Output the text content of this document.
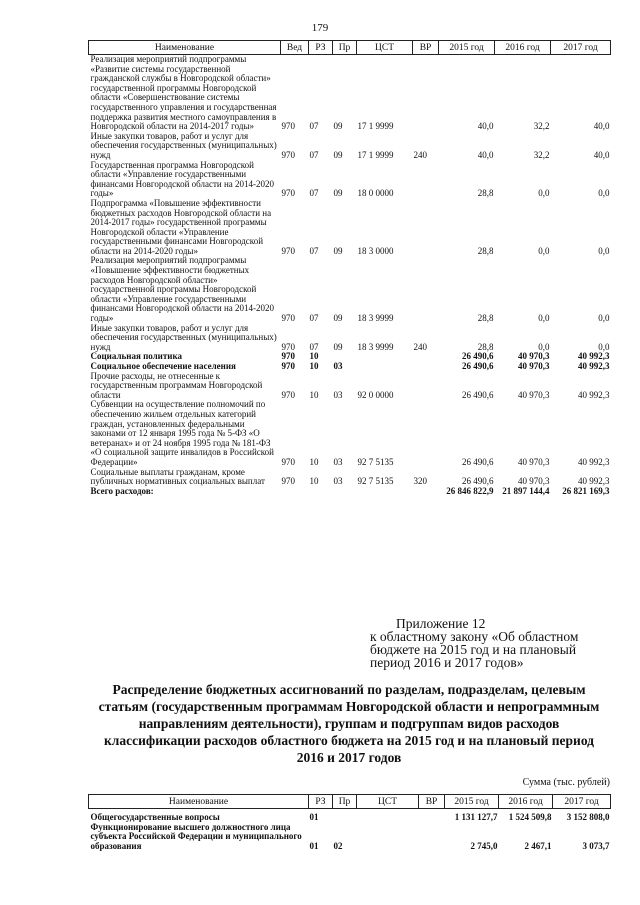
179
Наименование	Вед	РЗ	Пр	ЦСТ	ВР	2015 год	2016 год	2017 год
Реализация мероприятий подпрограммы «Развитие системы государственной гражданской службы в Новгородской области» государственной программы Новгородской области «Совершенствование системы государственного управления и государственная поддержка развития местного самоуправления в Новгородской области на 2014-2017 годы»	970	07	09	17 1 9999		40,0	32,2	40,0
Иные закупки товаров, работ и услуг для обеспечения государственных (муниципальных) нужд	970	07	09	17 1 9999	240	40,0	32,2	40,0
Государственная программа Новгородской области «Управление государственными финансами Новгородской области на 2014-2020 годы»	970	07	09	18 0 0000		28,8	0,0	0,0
Подпрограмма «Повышение эффективности бюджетных расходов Новгородской области на 2014-2017 годы» государственной программы Новгородской области «Управление государственными финансами Новгородской области на 2014-2020 годы»	970	07	09	18 3 0000		28,8	0,0	0,0
Реализация мероприятий подпрограммы «Повышение эффективности бюджетных расходов Новгородской области» государственной программы Новгородской области «Управление государственными финансами Новгородской области на 2014-2020 годы»	970	07	09	18 3 9999		28,8	0,0	0,0
Иные закупки товаров, работ и услуг для обеспечения государственных (муниципальных) нужд	970	07	09	18 3 9999	240	28,8	0,0	0,0
Социальная политика	970	10				26 490,6	40 970,3	40 992,3
Социальное обеспечение населения	970	10	03			26 490,6	40 970,3	40 992,3
Прочие расходы, не отнесенные к государственным программам Новгородской области	970	10	03	92 0 0000		26 490,6	40 970,3	40 992,3
Субвенции на осуществление полномочий по обеспечению жильем отдельных категорий граждан, установленных федеральными законами от 12 января 1995 года № 5-ФЗ «О ветеранах» и от 24 ноября 1995 года № 181-ФЗ «О социальной защите инвалидов в Российской Федерации»	970	10	03	92 7 5135		26 490,6	40 970,3	40 992,3
Социальные выплаты гражданам, кроме публичных нормативных социальных выплат	970	10	03	92 7 5135	320	26 490,6	40 970,3	40 992,3
Всего расходов:						26 846 822,9	21 897 144,4	26 821 169,3
Приложение 12
к областному закону «Об областном
бюджете на 2015 год и на плановый
период 2016 и 2017 годов»
Распределение бюджетных ассигнований по разделам, подразделам, целевым статьям (государственным программам Новгородской области и непрограммным направлениям деятельности), группам и подгруппам видов расходов классификации расходов областного бюджета на 2015 год и на плановый период 2016 и 2017 годов
Сумма (тыс. рублей)
Наименование	РЗ	Пр	ЦСТ	ВР	2015 год	2016 год	2017 год
Общегосударственные вопросы	01				1 131 127,7	1 524 509,8	3 152 808,0
Функционирование высшего должностного лица субъекта Российской Федерации и муниципального образования	01	02			2 745,0	2 467,1	3 073,7
